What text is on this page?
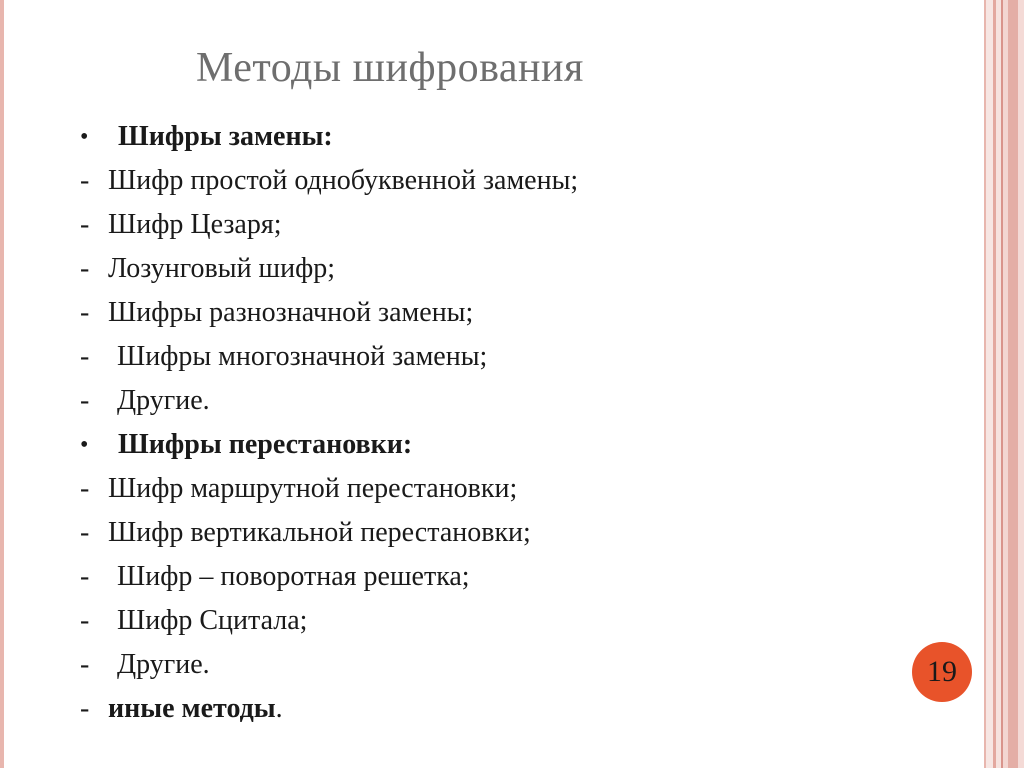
Методы шифрования
•	Шифры замены:
- Шифр простой однобуквенной замены;
- Шифр Цезаря;
- Лозунговый шифр;
- Шифры разнозначной замены;
- Шифры многозначной замены;
- Другие.
•	Шифры перестановки:
- Шифр маршрутной перестановки;
- Шифр вертикальной перестановки;
- Шифр – поворотная решетка;
- Шифр Сцитала;
- Другие.
- иные методы .
19
